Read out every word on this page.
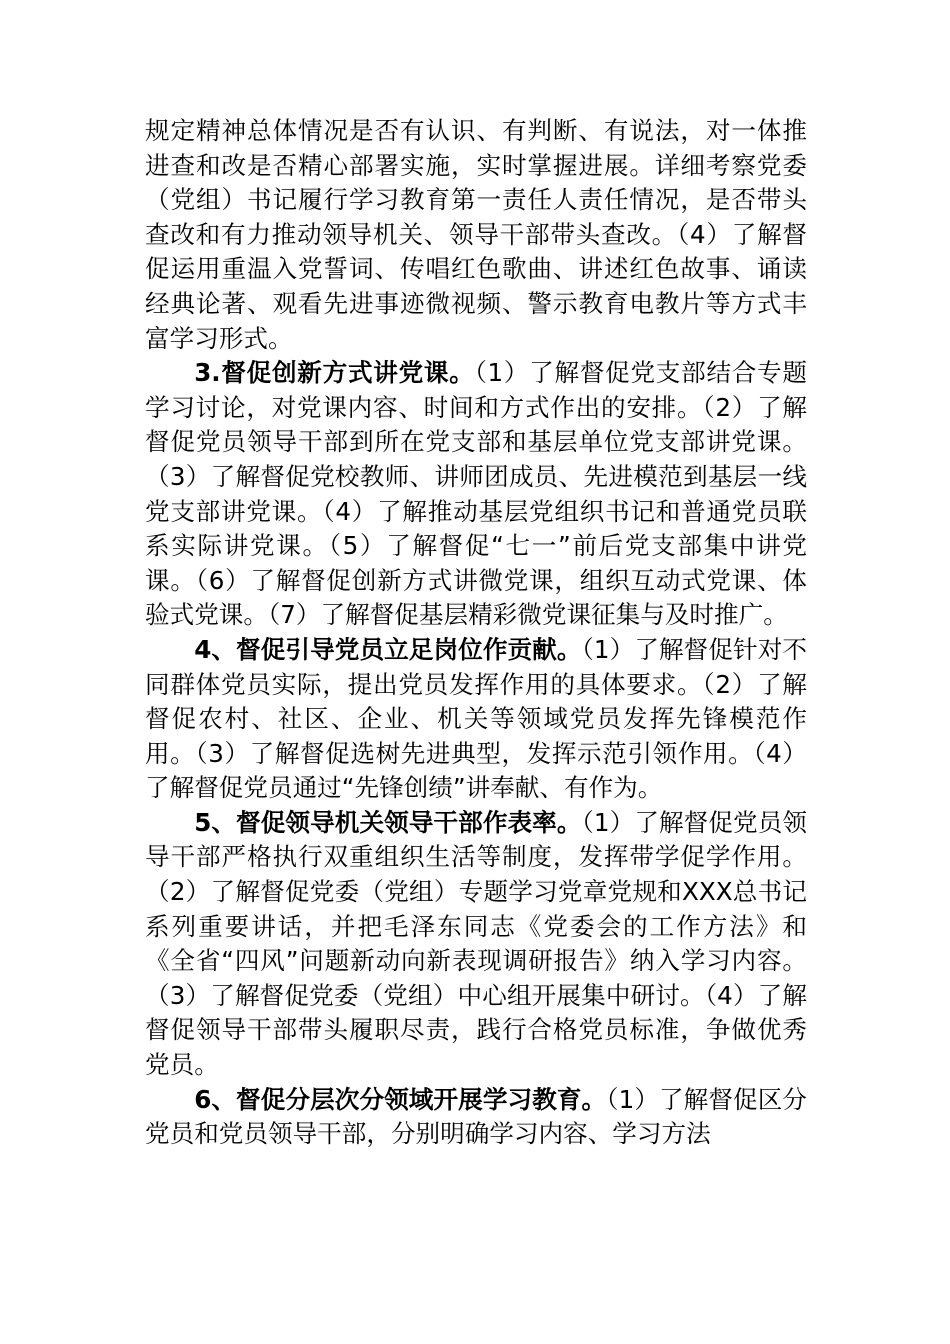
规定精神总体情况是否有认识、有判断、有说法，对一体推进查和改是否精心部署实施，实时掌握进展。详细考察党委（党组）书记履行学习教育第一责任人责任情况，是否带头查改和有力推动领导机关、领导干部带头查改。（4）了解督促运用重温入党誓词、传唱红色歌曲、讲述红色故事、诵读经典论著、观看先进事迹微视频、警示教育电教片等方式丰富学习形式。

3.督促创新方式讲党课。（1）了解督促党支部结合专题学习讨论，对党课内容、时间和方式作出的安排。（2）了解督促党员领导干部到所在党支部和基层单位党支部讲党课。（3）了解督促党校教师、讲师团成员、先进模范到基层一线党支部讲党课。（4）了解推动基层党组织书记和普通党员联系实际讲党课。（5）了解督促“七一”前后党支部集中讲党课。（6）了解督促创新方式讲微党课，组织互动式党课、体验式党课。（7）了解督促基层精彩微党课征集与及时推广。

4、督促引导党员立足岗位作贡献。（1）了解督促针对不同群体党员实际，提出党员发挥作用的具体要求。（2）了解督促农村、社区、企业、机关等领域党员发挥先锋模范作用。（3）了解督促选树先进典型，发挥示范引领作用。（4）了解督促党员通过“先锋创绩”讲奉献、有作为。

5、督促领导机关领导干部作表率。（1）了解督促党员领导干部严格执行双重组织生活等制度，发挥带学促学作用。（2）了解督促党委（党组）专题学习党章党规和XXX总书记系列重要讲话，并把毛泽东同志《党委会的工作方法》和《全省“四风”问题新动向新表现调研报告》纳入学习内容。（3）了解督促党委（党组）中心组开展集中研讨。（4）了解督促领导干部带头履职尽责，践行合格党员标准，争做优秀党员。

6、督促分层次分领域开展学习教育。（1）了解督促区分党员和党员领导干部，分别明确学习内容、学习方法
